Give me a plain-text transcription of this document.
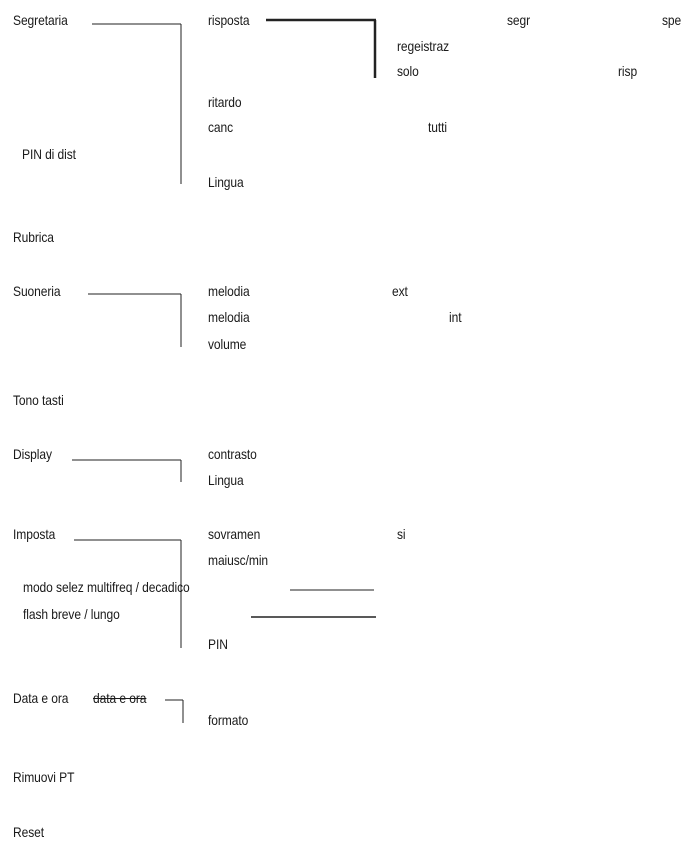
Segretaria	risposta	segr	spe
regeistraz
solo	risp
ritardo
canc	tutti
PIN di dist
Lingua
Rubrica
Suoneria	melodia	ext
melodia	int
volume
Tono tasti
Display	contrasto
Lingua
Imposta	sovramen	si
maiusc/min
modo selez multifreq / decadico
flash breve / lungo
PIN
Data e ora data e ora
formato
Rimuovi PT
Reset
